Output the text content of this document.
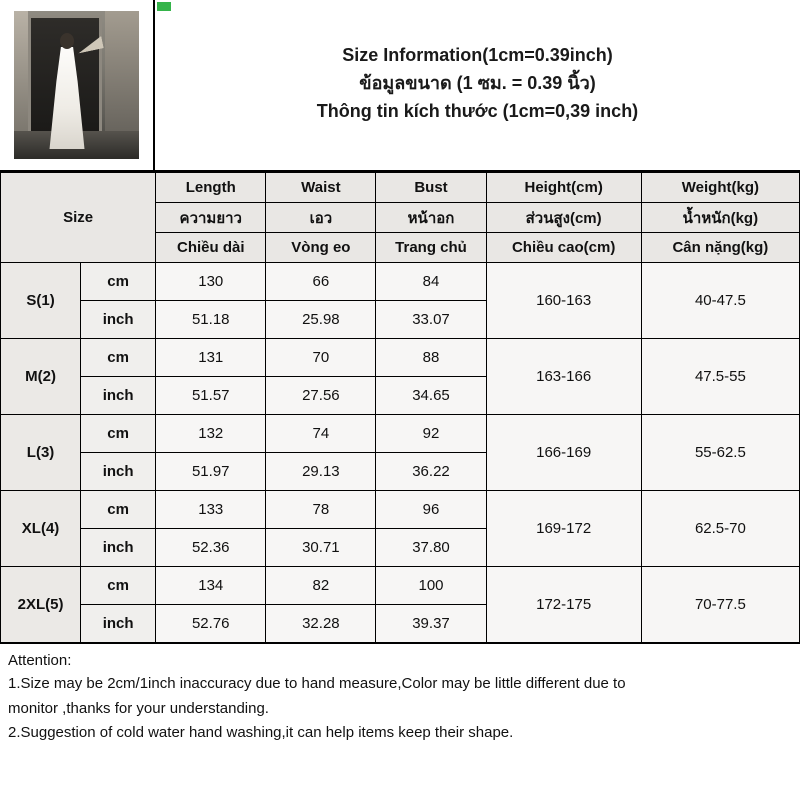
Size Information(1cm=0.39inch)
ข้อมูลขนาด (1 ซม. = 0.39 นิ้ว)
Thông tin kích thước (1cm=0,39 inch)
Size		Length	Waist	Bust	Height(cm)	Weight(kg)
		ความยาว	เอว	หน้าอก	ส่วนสูง(cm)	น้ำหนัก(kg)
		Chiều dài	Vòng eo	Trang chủ	Chiều cao(cm)	Cân nặng(kg)
S(1)	cm	130	66	84	160-163	40-47.5
	inch	51.18	25.98	33.07		
M(2)	cm	131	70	88	163-166	47.5-55
	inch	51.57	27.56	34.65		
L(3)	cm	132	74	92	166-169	55-62.5
	inch	51.97	29.13	36.22		
XL(4)	cm	133	78	96	169-172	62.5-70
	inch	52.36	30.71	37.80		
2XL(5)	cm	134	82	100	172-175	70-77.5
	inch	52.76	32.28	39.37		

Attention:

1.Size may be 2cm/1inch inaccuracy due to hand measure,Color may be little different due to

monitor ,thanks for your understanding.

2.Suggestion of cold water hand washing,it can help items keep their shape.
